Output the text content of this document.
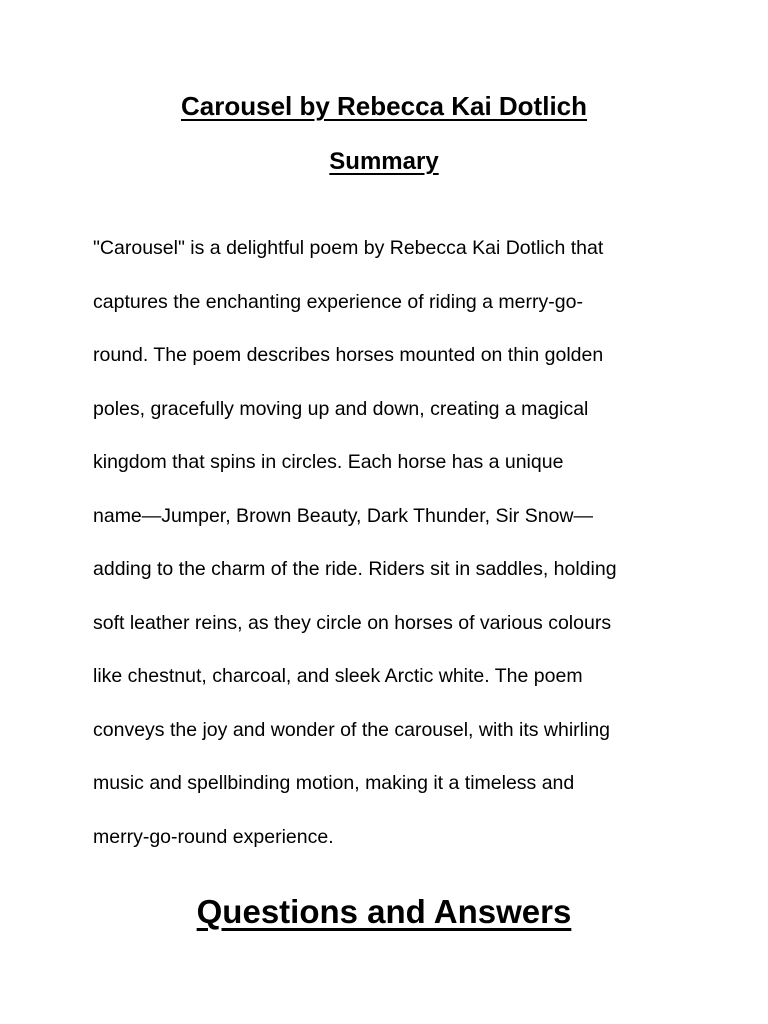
Carousel by Rebecca Kai Dotlich
Summary
"Carousel" is a delightful poem by Rebecca Kai Dotlich that
captures the enchanting experience of riding a merry-go-
round. The poem describes horses mounted on thin golden
poles, gracefully moving up and down, creating a magical
kingdom that spins in circles. Each horse has a unique
name—Jumper, Brown Beauty, Dark Thunder, Sir Snow—
adding to the charm of the ride. Riders sit in saddles, holding
soft leather reins, as they circle on horses of various colours
like chestnut, charcoal, and sleek Arctic white. The poem
conveys the joy and wonder of the carousel, with its whirling
music and spellbinding motion, making it a timeless and
merry-go-round experience.
Questions and Answers
